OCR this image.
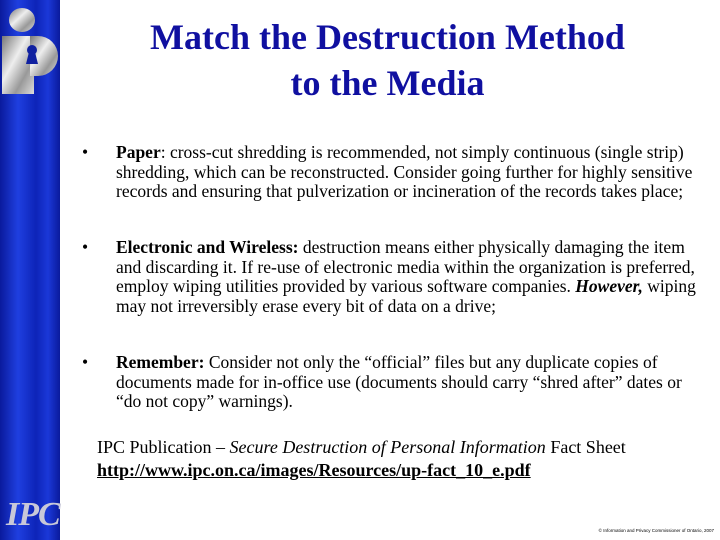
IPC
Match the Destruction Method
to the Media
• Paper: cross-cut shredding is recommended, not simply continuous (single strip) shredding, which can be reconstructed. Consider going further for highly sensitive records and ensuring that pulverization or incineration of the records takes place;
• Electronic and Wireless: destruction means either physically damaging the item and discarding it. If re-use of electronic media within the organization is preferred, employ wiping utilities provided by various software companies. However, wiping may not irreversibly erase every bit of data on a drive;
• Remember: Consider not only the “official” files but any duplicate copies of documents made for in-office use (documents should carry “shred after” dates or “do not copy” warnings).
IPC Publication – Secure Destruction of Personal Information Fact Sheet
http://www.ipc.on.ca/images/Resources/up-fact_10_e.pdf
© Information and Privacy Commissioner of Ontario, 2007
